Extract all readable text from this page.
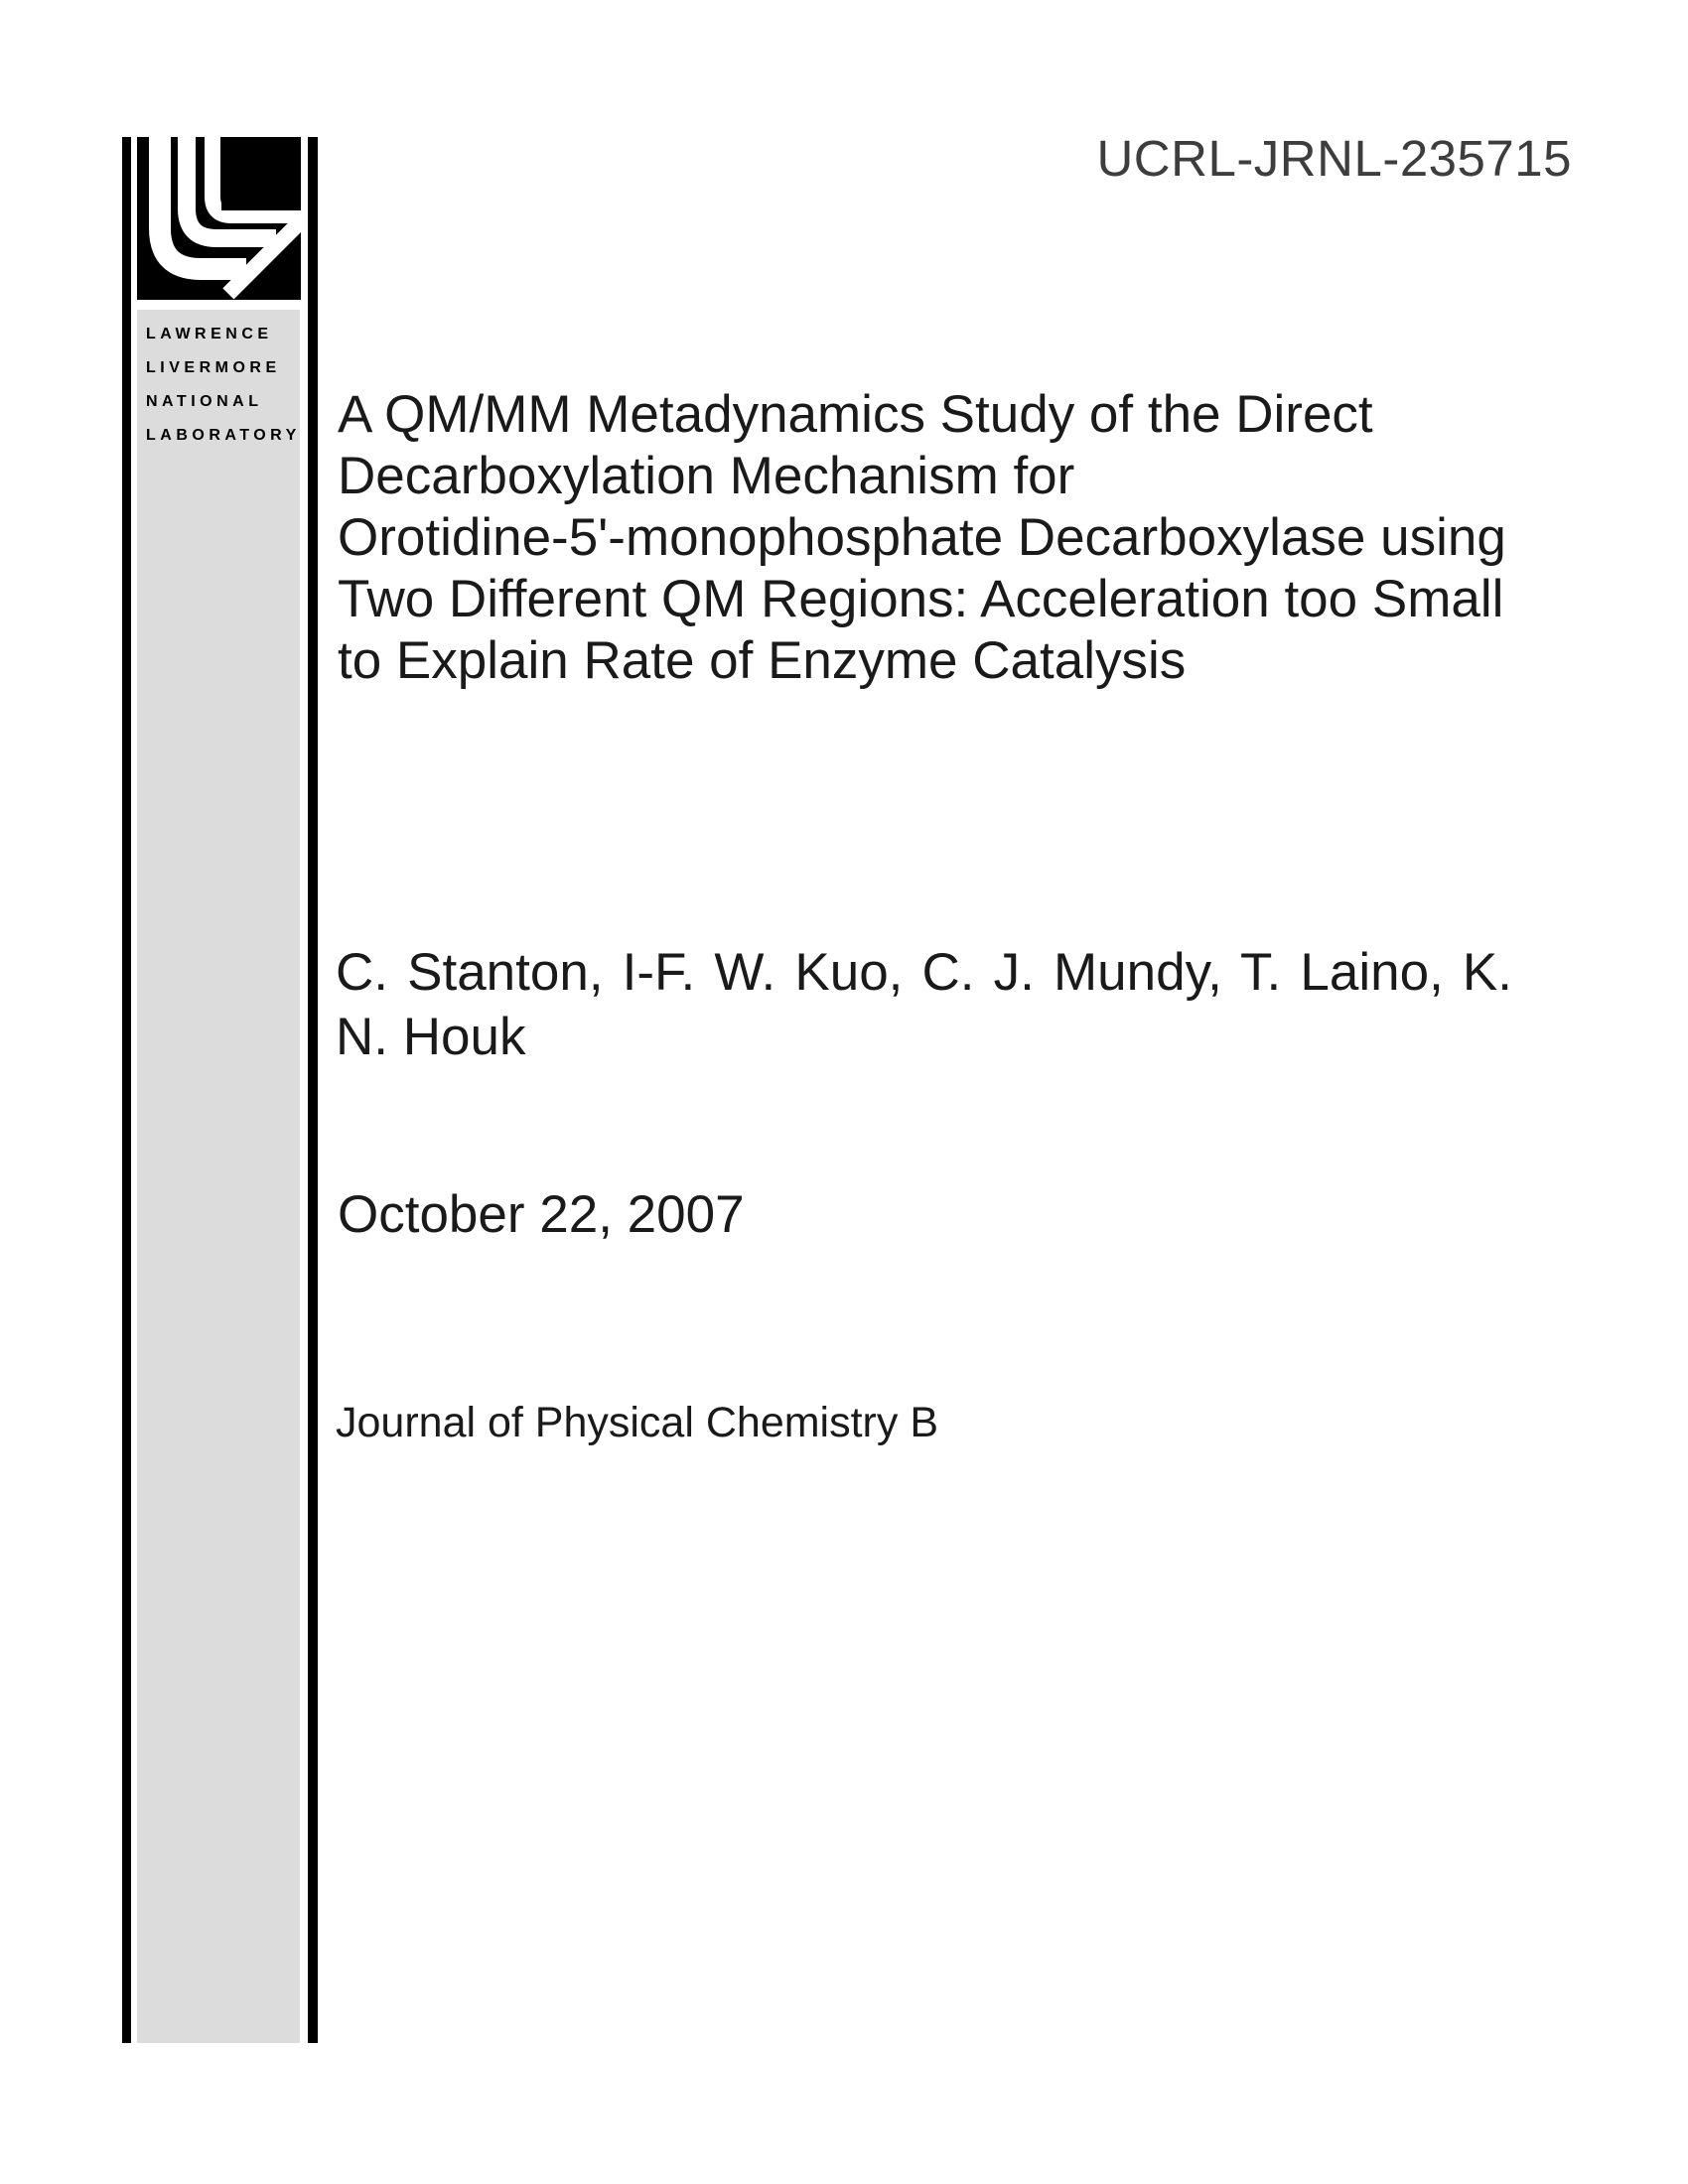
UCRL-JRNL-235715
LAWRENCE
LIVERMORE
NATIONAL
LABORATORY A QM/MM Metadynamics Study of the Direct
Decarboxylation Mechanism for
Orotidine-5'-monophosphate Decarboxylase using
Two Different QM Regions: Acceleration too Small
to Explain Rate of Enzyme Catalysis
C. Stanton, I-F. W. Kuo, C. J. Mundy, T. Laino, K.
N. Houk
October 22, 2007
Journal of Physical Chemistry B
